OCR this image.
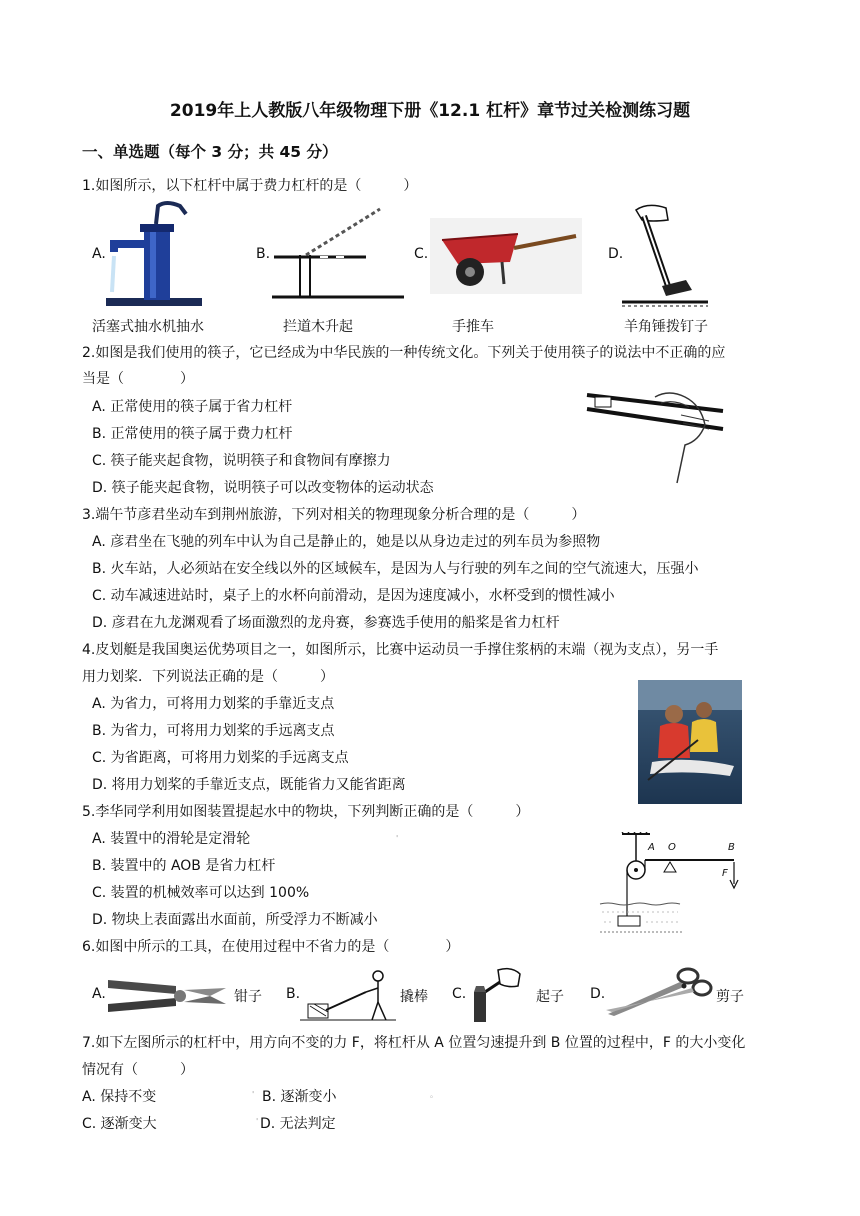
2019年上人教版八年级物理下册《12.1 杠杆》章节过关检测练习题
一、单选题（每个 3 分；共 45 分）
1.如图所示，以下杠杆中属于费力杠杆的是（　　　）
A.
活塞式抽水机抽水
B.
拦道木升起
C.
手推车
D.
羊角锤拨钉子
2.如图是我们使用的筷子，它已经成为中华民族的一种传统文化。下列关于使用筷子的说法中不正确的应
当是（　　　　）
A. 正常使用的筷子属于省力杠杆
B. 正常使用的筷子属于费力杠杆
C. 筷子能夹起食物，说明筷子和食物间有摩擦力
D. 筷子能夹起食物，说明筷子可以改变物体的运动状态
3.端午节彦君坐动车到荆州旅游，下列对相关的物理现象分析合理的是（　　　）
A. 彦君坐在飞驰的列车中认为自己是静止的，她是以从身边走过的列车员为参照物
B. 火车站，人必须站在安全线以外的区域候车，是因为人与行驶的列车之间的空气流速大，压强小
C. 动车减速进站时，桌子上的水杯向前滑动，是因为速度减小，水杯受到的惯性减小
D. 彦君在九龙渊观看了场面激烈的龙舟赛，参赛选手使用的船桨是省力杠杆
4.皮划艇是我国奥运优势项目之一，如图所示，比赛中运动员一手撑住浆柄的末端（视为支点），另一手
用力划桨．下列说法正确的是（　　　）
A. 为省力，可将用力划桨的手靠近支点
B. 为省力，可将用力划桨的手远离支点
C. 为省距离，可将用力划桨的手远离支点
D. 将用力划桨的手靠近支点，既能省力又能省距离
5.李华同学利用如图装置提起水中的物块，下列判断正确的是（　　　）
A. 装置中的滑轮是定滑轮
B. 装置中的 AOB 是省力杠杆
C. 装置的机械效率可以达到 100%
D. 物块上表面露出水面前，所受浮力不断减小
'
A O	B
F
6.如图中所示的工具，在使用过程中不省力的是（　　　　）
A.	钳子 B.	撬棒 C.	起子 D.	剪子
7.如下左图所示的杠杆中，用方向不变的力 F，将杠杆从 A 位置匀速提升到 B 位置的过程中，F 的大小变化
情况有（　　　）
A. 保持不变	B. 逐渐变小
C. 逐渐变大	D. 无法判定
'	。
'
